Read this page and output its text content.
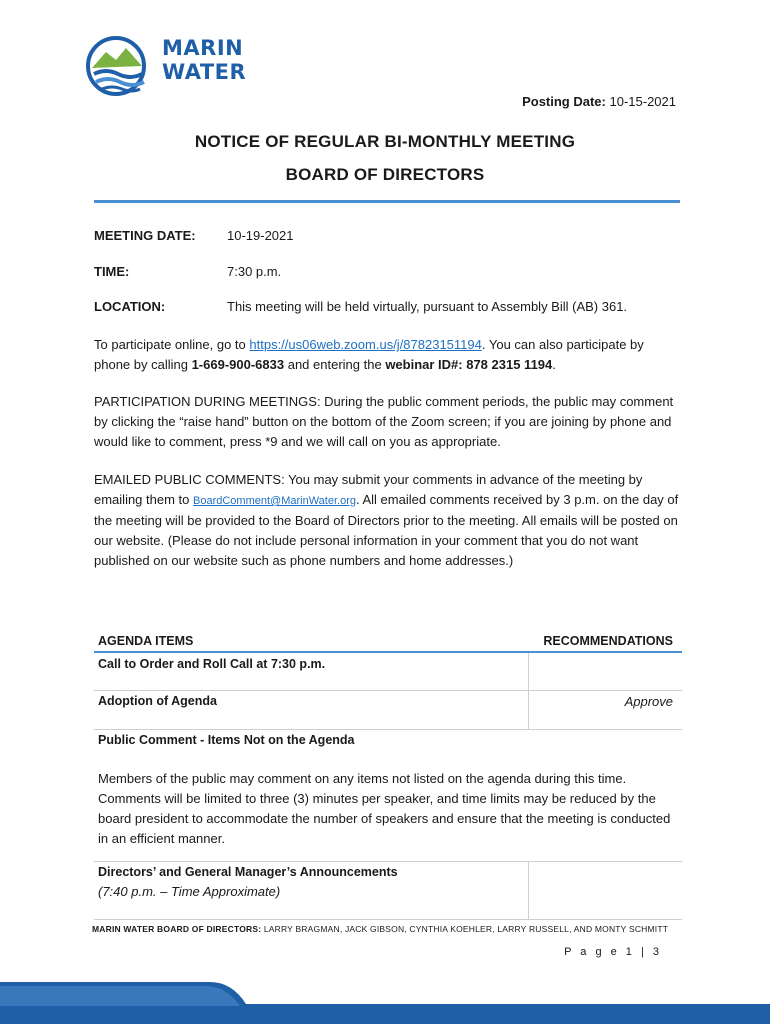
MARIN
WATER
Posting Date: 10-15-2021
NOTICE OF REGULAR BI-MONTHLY MEETING
BOARD OF DIRECTORS
MEETING DATE: 10-19-2021
TIME:	7:30 p.m.
LOCATION:	This meeting will be held virtually, pursuant to Assembly Bill (AB) 361.
To participate online, go to https://us06web.zoom.us/j/87823151194. You can also participate by phone by calling 1-669-900-6833 and entering the webinar ID#: 878 2315 1194.
PARTICIPATION DURING MEETINGS: During the public comment periods, the public may comment by clicking the “raise hand” button on the bottom of the Zoom screen; if you are joining by phone and would like to comment, press *9 and we will call on you as appropriate.
EMAILED PUBLIC COMMENTS: You may submit your comments in advance of the meeting by emailing them to BoardComment@MarinWater.org. All emailed comments received by 3 p.m. on the day of the meeting will be provided to the Board of Directors prior to the meeting. All emails will be posted on our website. (Please do not include personal information in your comment that you do not want published on our website such as phone numbers and home addresses.)
AGENDA ITEMS	RECOMMENDATIONS
Call to Order and Roll Call at 7:30 p.m.
Adoption of Agenda	Approve
Public Comment - Items Not on the Agenda
Members of the public may comment on any items not listed on the agenda during this time. Comments will be limited to three (3) minutes per speaker, and time limits may be reduced by the board president to accommodate the number of speakers and ensure that the meeting is conducted in an efficient manner.
Directors’ and General Manager’s Announcements
(7:40 p.m. – Time Approximate)
MARIN WATER BOARD OF DIRECTORS: LARRY BRAGMAN, JACK GIBSON, CYNTHIA KOEHLER, LARRY RUSSELL, AND MONTY SCHMITT
P a g e 1 | 3
